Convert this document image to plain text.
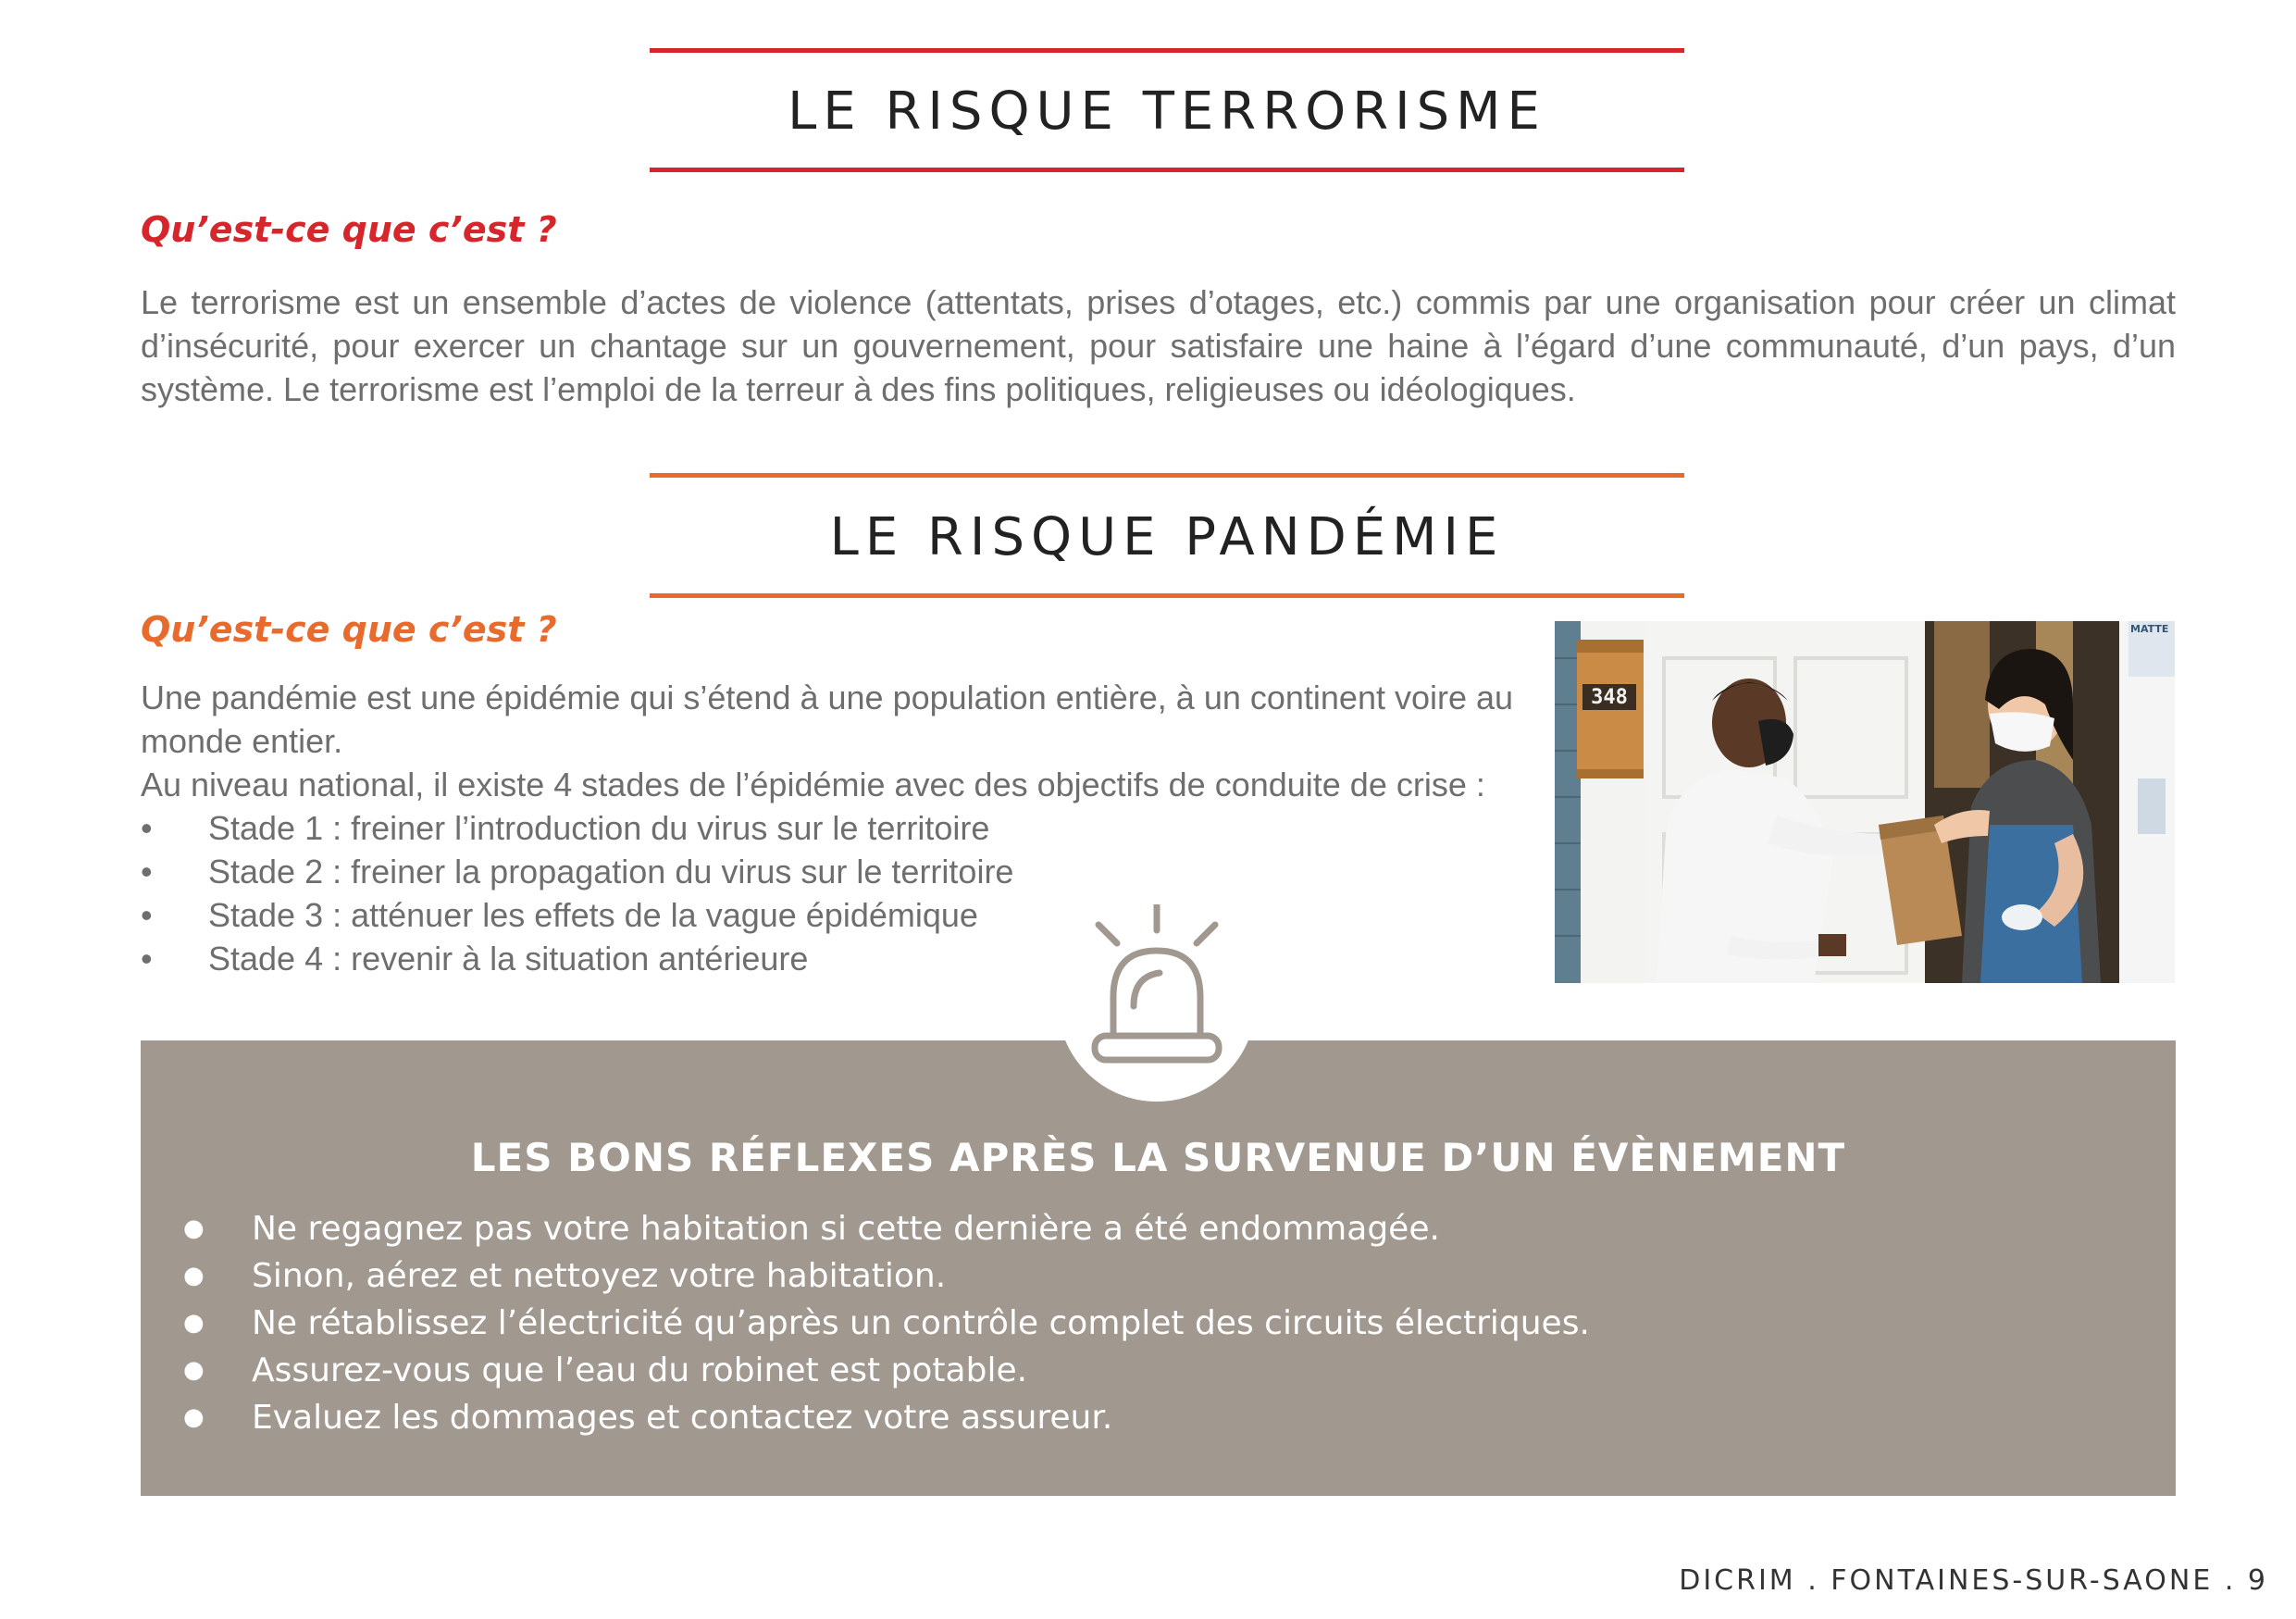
LE RISQUE TERRORISME
Qu’est-ce que c’est ?

Le terrorisme est un ensemble d’actes de violence (attentats, prises d’otages, etc.) commis par une organisation pour créer un climat d’insécurité, pour exercer un chantage sur un gouvernement, pour satisfaire une haine à l’égard d’une communauté, d’un pays, d’un système. Le terrorisme est l’emploi de la terreur à des fins politiques, religieuses ou idéologiques.

LE RISQUE PANDÉMIE
Qu’est-ce que c’est ?

Une pandémie est une épidémie qui s’étend à une population entière, à un continent voire au monde entier.

Au niveau national, il existe 4 stades de l’épidémie avec des objectifs de conduite de crise :

• Stade 1 : freiner l’introduction du virus sur le territoire
• Stade 2 : freiner la propagation du virus sur le territoire
• Stade 3 : atténuer les effets de la vague épidémique
• Stade 4 : revenir à la situation antérieure
348
MATTE
LES BONS RÉFLEXES APRÈS LA SURVENUE D’UN ÉVÈNEMENT
● Ne regagnez pas votre habitation si cette dernière a été endommagée.
● Sinon, aérez et nettoyez votre habitation.
● Ne rétablissez l’électricité qu’après un contrôle complet des circuits électriques.
● Assurez-vous que l’eau du robinet est potable.
● Evaluez les dommages et contactez votre assureur.
DICRIM . FONTAINES-SUR-SAONE . 9
